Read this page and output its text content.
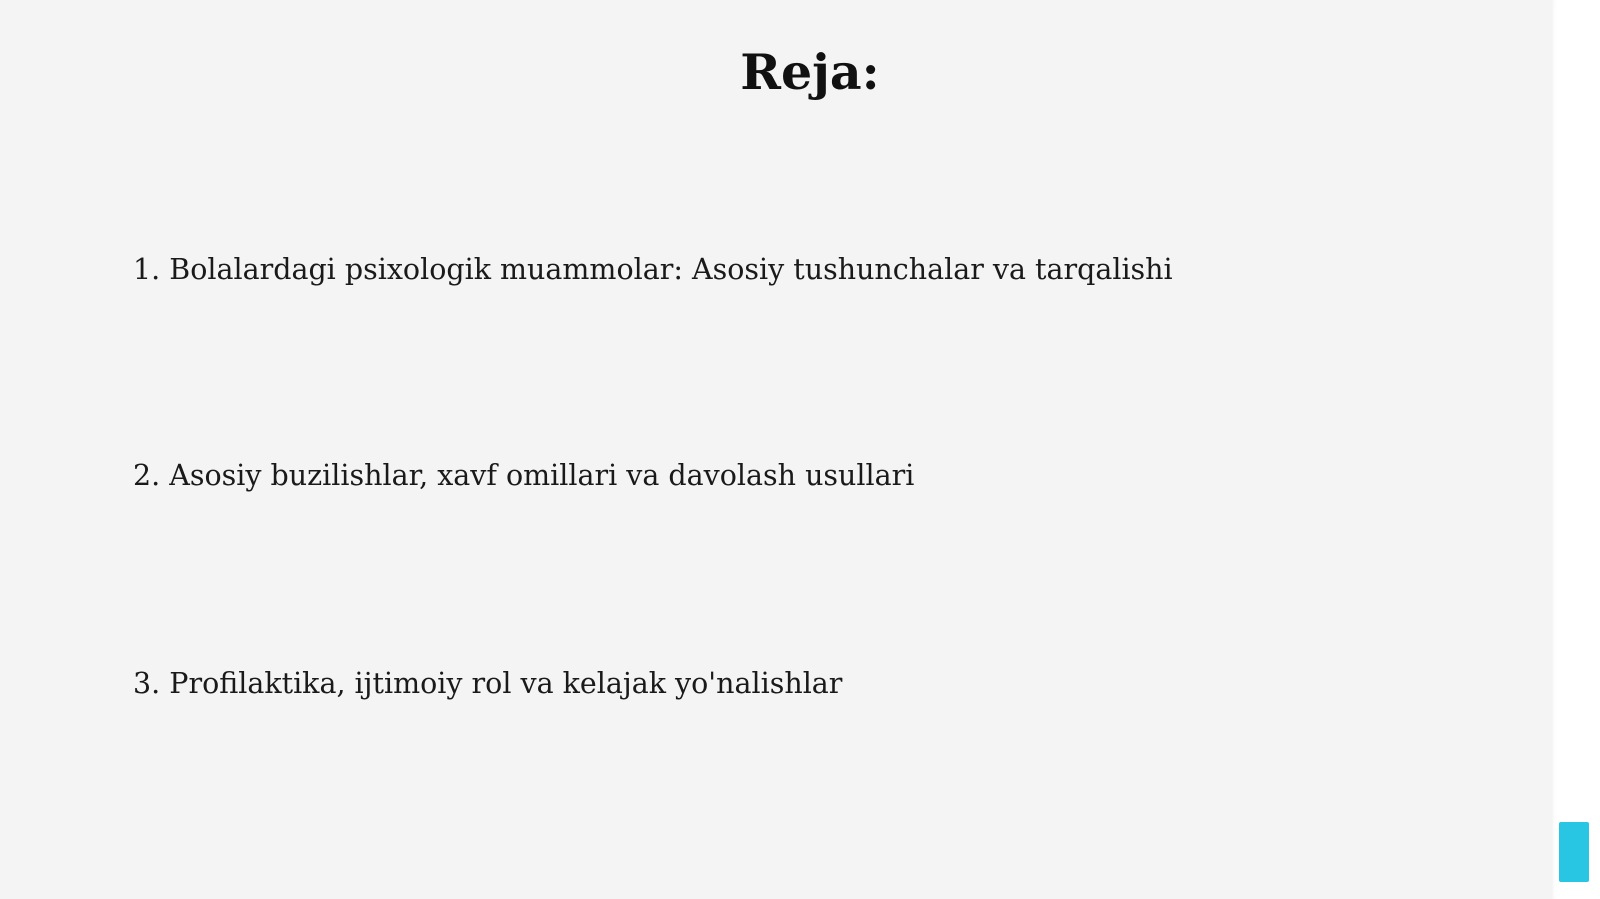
Reja:

1. Bolalardagi psixologik muammolar: Asosiy tushunchalar va tarqalishi

2. Asosiy buzilishlar, xavf omillari va davolash usullari

3. Profilaktika, ijtimoiy rol va kelajak yo'nalishlar
